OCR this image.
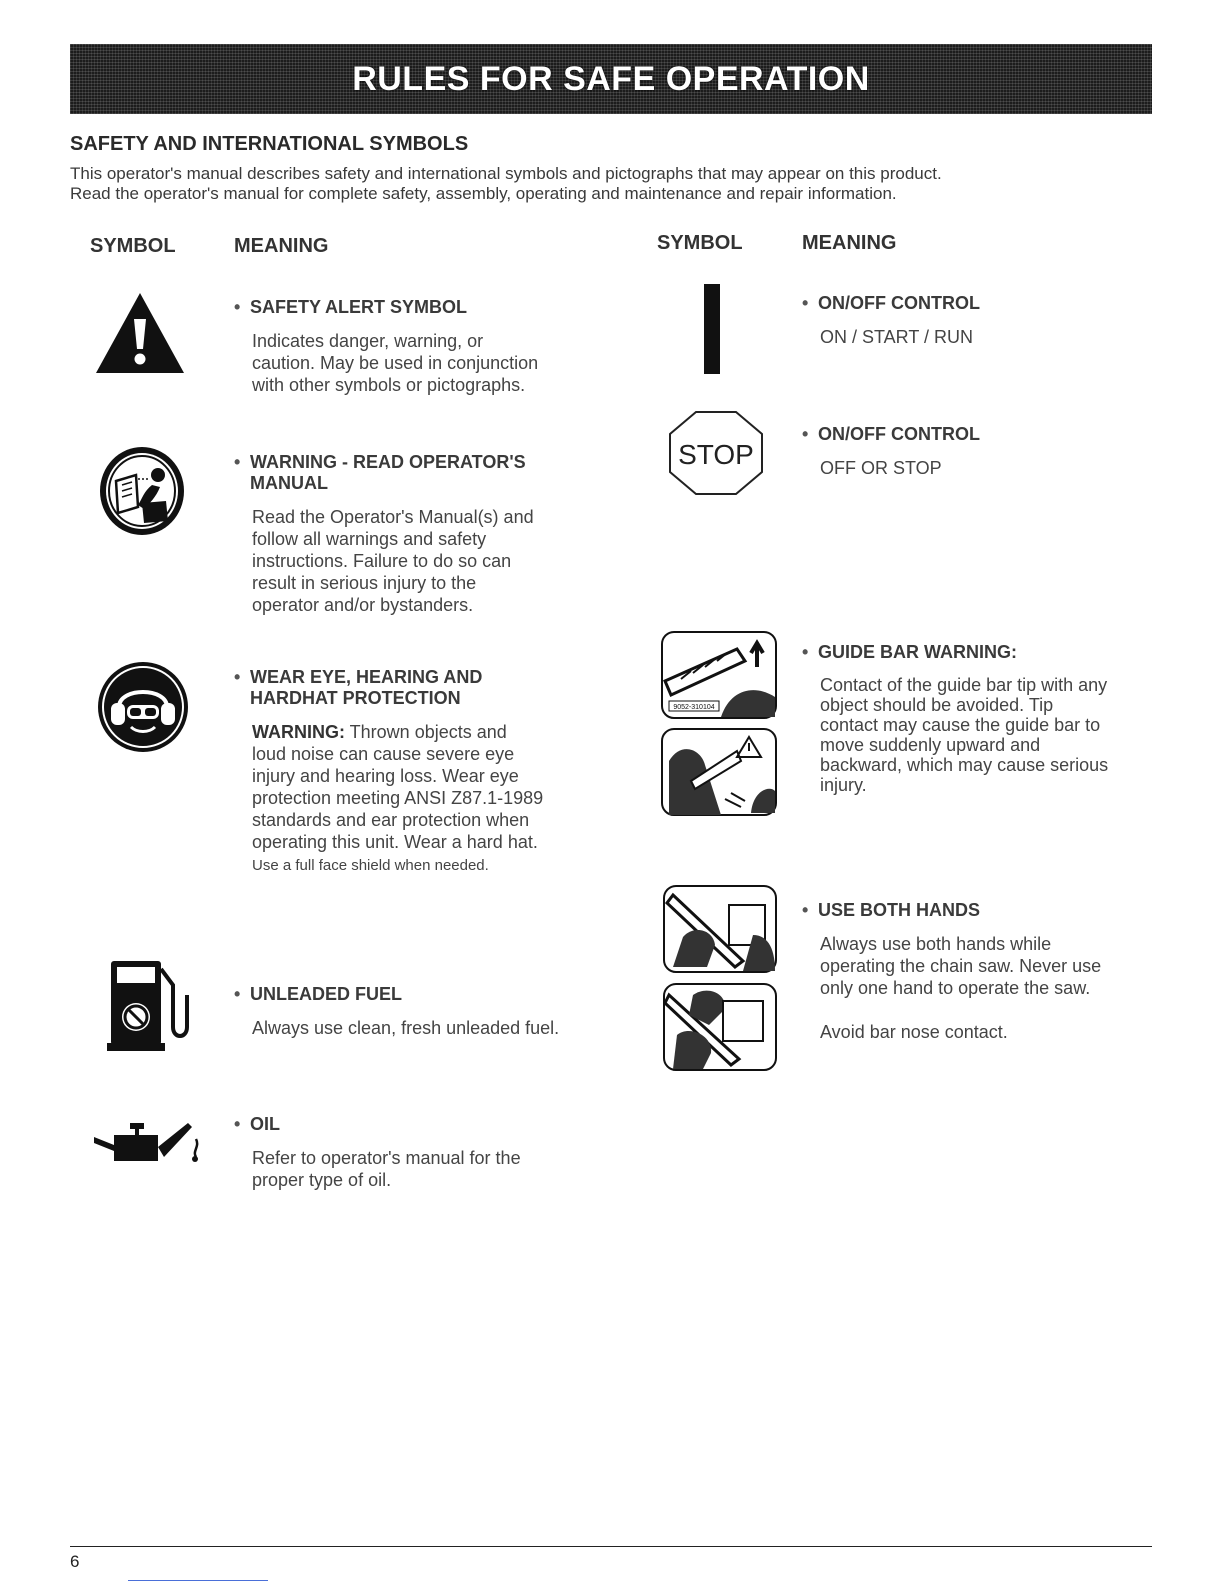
RULES FOR SAFE OPERATION
SAFETY AND INTERNATIONAL SYMBOLS
This operator's manual describes safety and international symbols and pictographs that may appear on this product.
Read the operator's manual for complete safety, assembly, operating and maintenance and repair information.
SYMBOL	MEANING	SYMBOL	MEANING
• SAFETY ALERT SYMBOL
Indicates danger, warning, or
caution. May be used in conjunction
with other symbols or pictographs.
• WARNING - READ OPERATOR'S
MANUAL
Read the Operator's Manual(s) and
follow all warnings and safety
instructions. Failure to do so can
result in serious injury to the
operator and/or bystanders.
• WEAR EYE, HEARING AND
HARDHAT PROTECTION
WARNING: Thrown objects and
loud noise can cause severe eye
injury and hearing loss. Wear eye
protection meeting ANSI Z87.1-1989
standards and ear protection when
operating this unit. Wear a hard hat.
Use a full face shield when needed.
• UNLEADED FUEL
Always use clean, fresh unleaded fuel.
• OIL
Refer to operator's manual for the
proper type of oil.
• ON/OFF CONTROL
ON / START / RUN
STOP
• ON/OFF CONTROL
OFF OR STOP
9052-310104
• GUIDE BAR WARNING:
Contact of the guide bar tip with any
object should be avoided. Tip
contact may cause the guide bar to
move suddenly upward and
backward, which may cause serious
injury.
• USE BOTH HANDS
Always use both hands while
operating the chain saw. Never use
only one hand to operate the saw.
Avoid bar nose contact.
6
